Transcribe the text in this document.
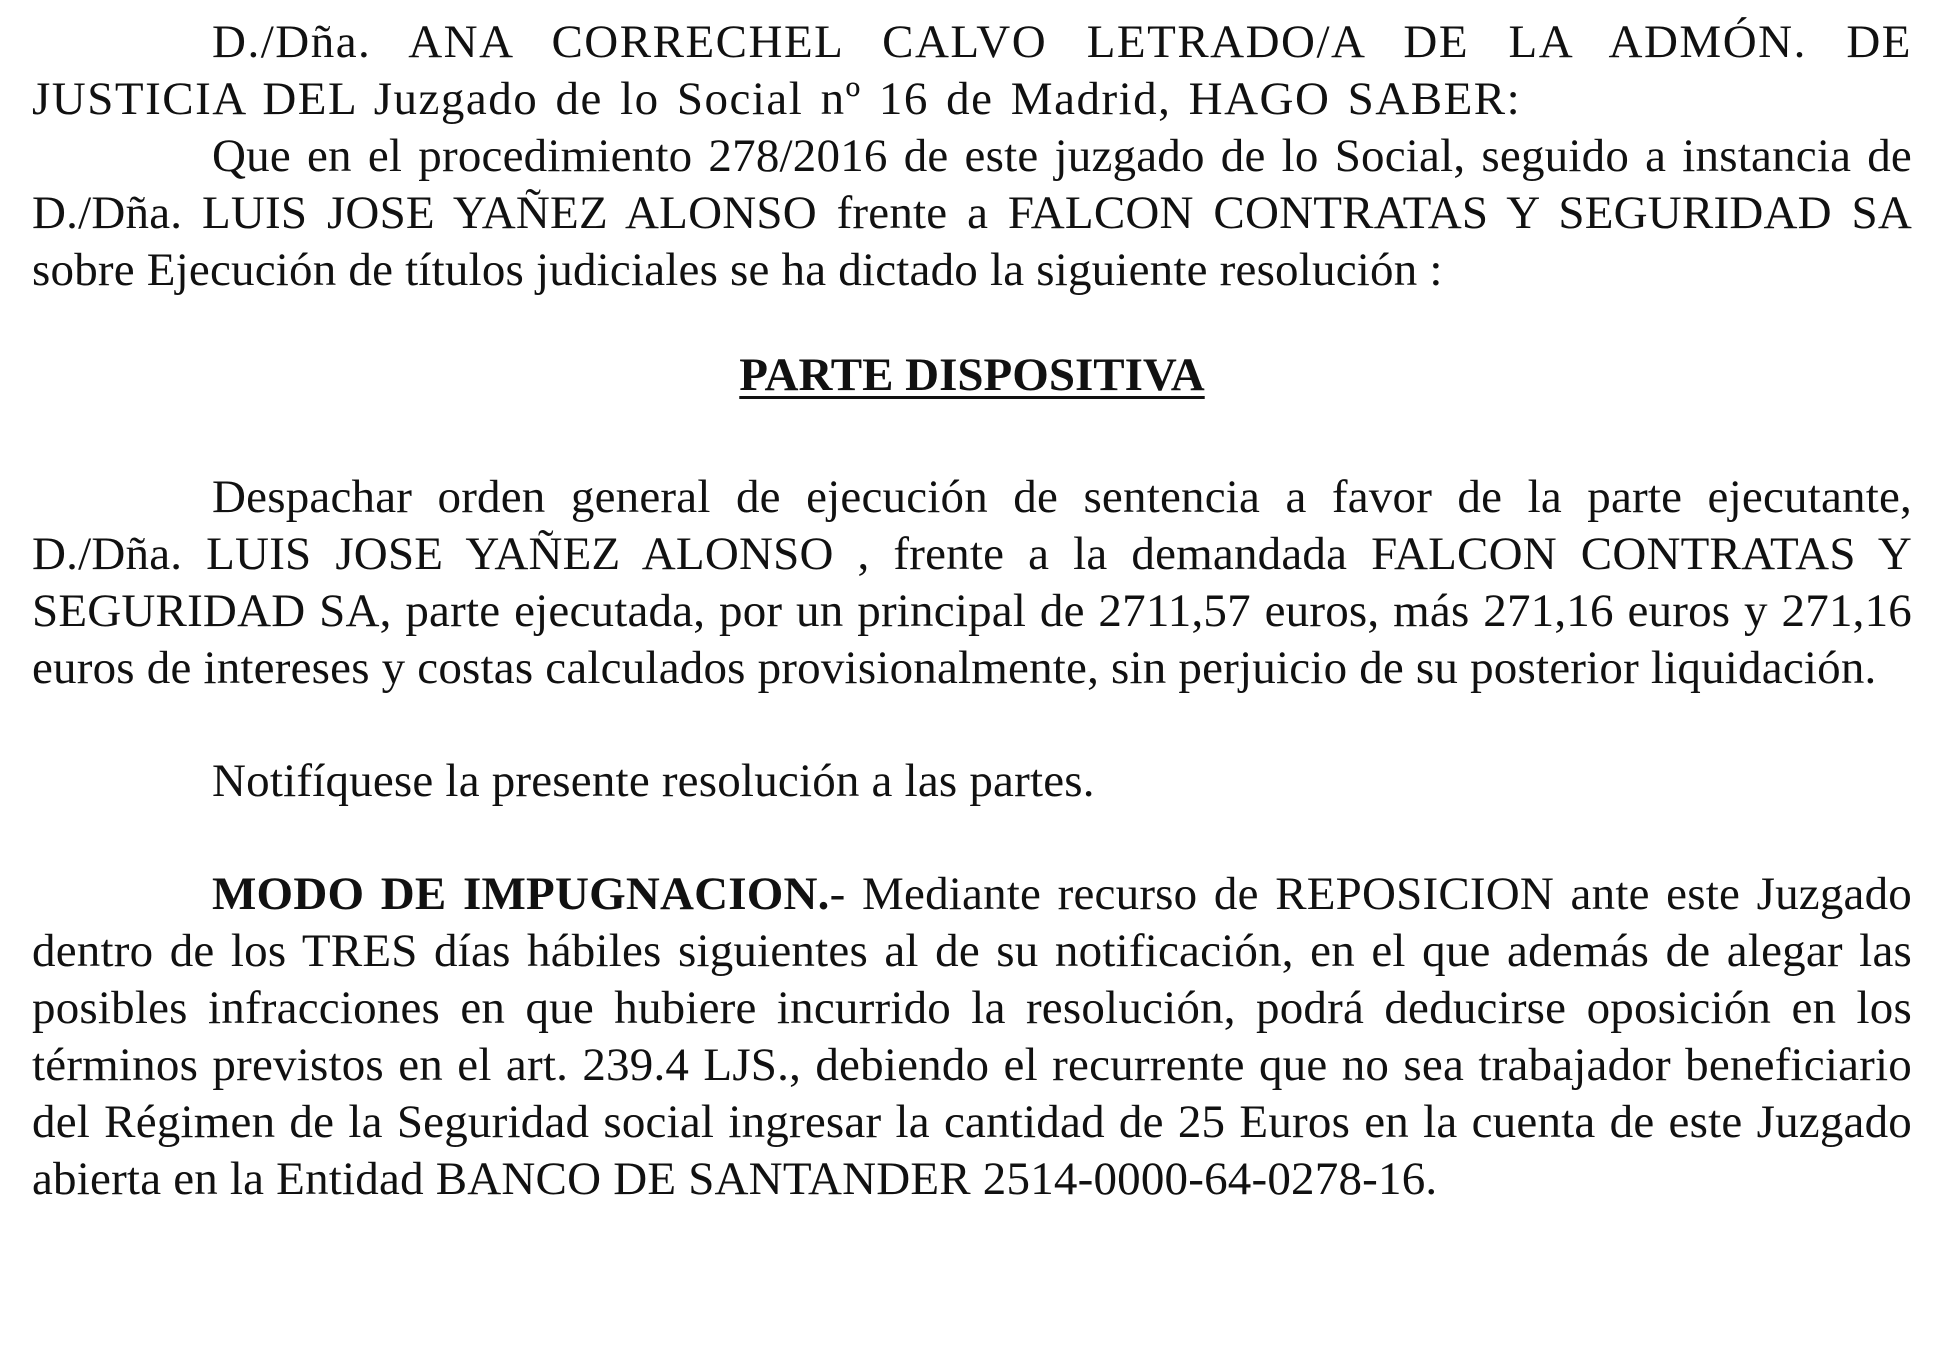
D./Dña. ANA CORRECHEL CALVO LETRADO/A DE LA ADMÓN. DE JUSTICIA DEL Juzgado de lo Social nº 16 de Madrid, HAGO SABER:

Que en el procedimiento 278/2016 de este juzgado de lo Social, seguido a instancia de D./Dña. LUIS JOSE YAÑEZ ALONSO frente a FALCON CONTRATAS Y SEGURIDAD SA sobre Ejecución de títulos judiciales se ha dictado la siguiente resolución :

PARTE DISPOSITIVA

Despachar orden general de ejecución de sentencia a favor de la parte ejecutante, D./Dña. LUIS JOSE YAÑEZ ALONSO , frente a la demandada FALCON CONTRATAS Y SEGURIDAD SA, parte ejecutada, por un principal de 2711,57 euros, más 271,16 euros y 271,16 euros de intereses y costas calculados provisionalmente, sin perjuicio de su posterior liquidación.

Notifíquese la presente resolución a las partes.

MODO DE IMPUGNACION.- Mediante recurso de REPOSICION ante este Juzgado dentro de los TRES días hábiles siguientes al de su notificación, en el que además de alegar las posibles infracciones en que hubiere incurrido la resolución, podrá deducirse oposición en los términos previstos en el art. 239.4 LJS., debiendo el recurrente que no sea trabajador beneficiario del Régimen de la Seguridad social ingresar la cantidad de 25 Euros en la cuenta de este Juzgado abierta en la Entidad BANCO DE SANTANDER 2514-0000-64-0278-16.
